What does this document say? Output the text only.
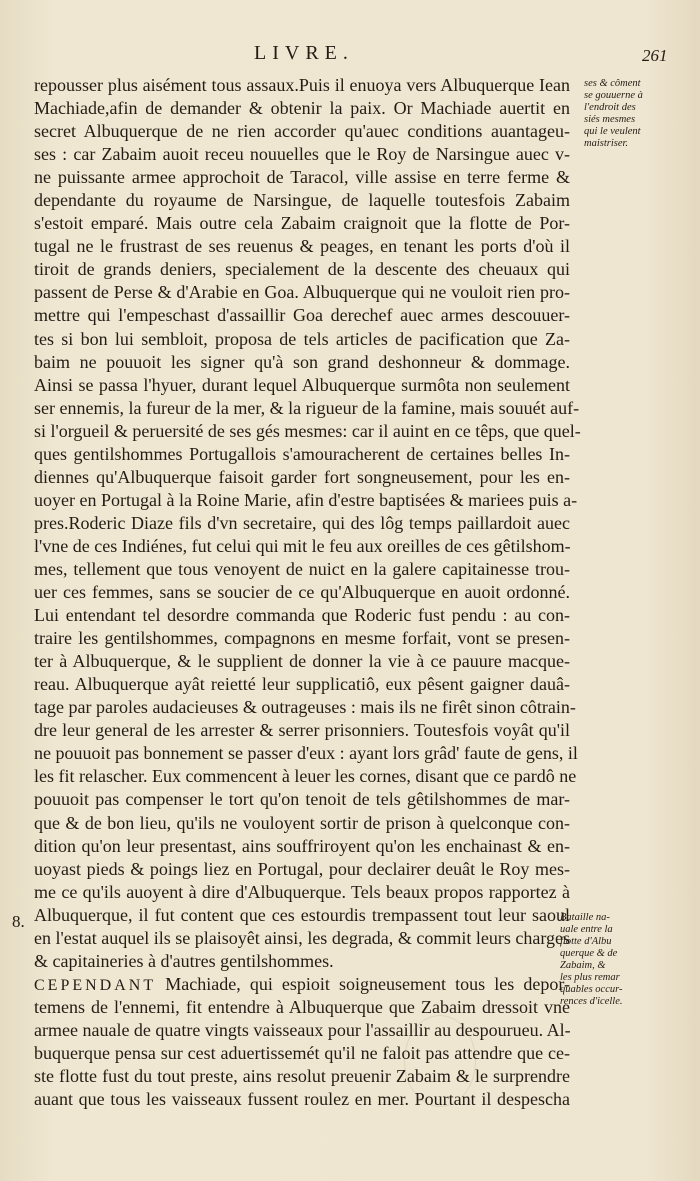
LIVRE.	261
repousser plus aisément tous assaux.Puis il enuoya vers Albuquerque Iean
Machiade,afin de demander & obtenir la paix. Or Machiade auertit en
secret Albuquerque de ne rien accorder qu'auec conditions auantageu-
ses : car Zabaim auoit receu nouuelles que le Roy de Narsingue auec v-
ne puissante armee approchoit de Taracol, ville assise en terre ferme &
dependante du royaume de Narsingue, de laquelle toutesfois Zabaim
s'estoit emparé. Mais outre cela Zabaim craignoit que la flotte de Por-
tugal ne le frustrast de ses reuenus & peages, en tenant les ports d'où il
tiroit de grands deniers, specialement de la descente des cheuaux qui
passent de Perse & d'Arabie en Goa. Albuquerque qui ne vouloit rien pro-
mettre qui l'empeschast d'assaillir Goa derechef auec armes descouuer-
tes si bon lui sembloit, proposa de tels articles de pacification que Za-
baim ne pouuoit les signer qu'à son grand deshonneur & dommage.
Ainsi se passa l'hyuer, durant lequel Albuquerque surmôta non seulement
ser ennemis, la fureur de la mer, & la rigueur de la famine, mais souuét auf-
si l'orgueil & peruersité de ses gés mesmes: car il auint en ce têps, que quel-
ques gentilshommes Portugallois s'amouracherent de certaines belles In-
diennes qu'Albuquerque faisoit garder fort songneusement, pour les en-
uoyer en Portugal à la Roine Marie, afin d'estre baptisées & mariees puis a-
pres.Roderic Diaze fils d'vn secretaire, qui des lôg temps paillardoit auec
l'vne de ces Indiénes, fut celui qui mit le feu aux oreilles de ces gêtilshom-
mes, tellement que tous venoyent de nuict en la galere capitainesse trou-
uer ces femmes, sans se soucier de ce qu'Albuquerque en auoit ordonné.
Lui entendant tel desordre commanda que Roderic fust pendu : au con-
traire les gentilshommes, compagnons en mesme forfait, vont se presen-
ter à Albuquerque, & le supplient de donner la vie à ce pauure macque-
reau. Albuquerque ayât reietté leur supplicatiô, eux pêsent gaigner dauâ-
tage par paroles audacieuses & outrageuses : mais ils ne firêt sinon côtrain-
dre leur general de les arrester & serrer prisonniers. Toutesfois voyât qu'il
ne pouuoit pas bonnement se passer d'eux : ayant lors grâd' faute de gens, il
les fit relascher. Eux commencent à leuer les cornes, disant que ce pardô ne
pouuoit pas compenser le tort qu'on tenoit de tels gêtilshommes de mar-
que & de bon lieu, qu'ils ne vouloyent sortir de prison à quelconque con-
dition qu'on leur presentast, ains souffriroyent qu'on les enchainast & en-
uoyast pieds & poings liez en Portugal, pour declairer deuât le Roy mes-
me ce qu'ils auoyent à dire d'Albuquerque. Tels beaux propos rapportez à
Albuquerque, il fut content que ces estourdis trempassent tout leur saoul
en l'estat auquel ils se plaisoyêt ainsi, les degrada, & commit leurs charges
& capitaineries à d'autres gentilshommes.
CEPENDANT Machiade, qui espioit soigneusement tous les depor-
temens de l'ennemi, fit entendre à Albuquerque que Zabaim dressoit vne
armee nauale de quatre vingts vaisseaux pour l'assaillir au despourueu. Al-
buquerque pensa sur cest aduertissemét qu'il ne faloit pas attendre que ce-
ste flotte fust du tout preste, ains resolut preuenir Zabaim & le surprendre
auant que tous les vaisseaux fussent roulez en mer. Pourtant il despescha
8.
ses & côment
se gouuerne à
l'endroit des
siés mesmes
qui le veulent
maistriser.
Bataille na-
uale entre la
flotte d'Albu
querque & de
Zabaim, &
les plus remar
quables occur-
rences d'icelle.
